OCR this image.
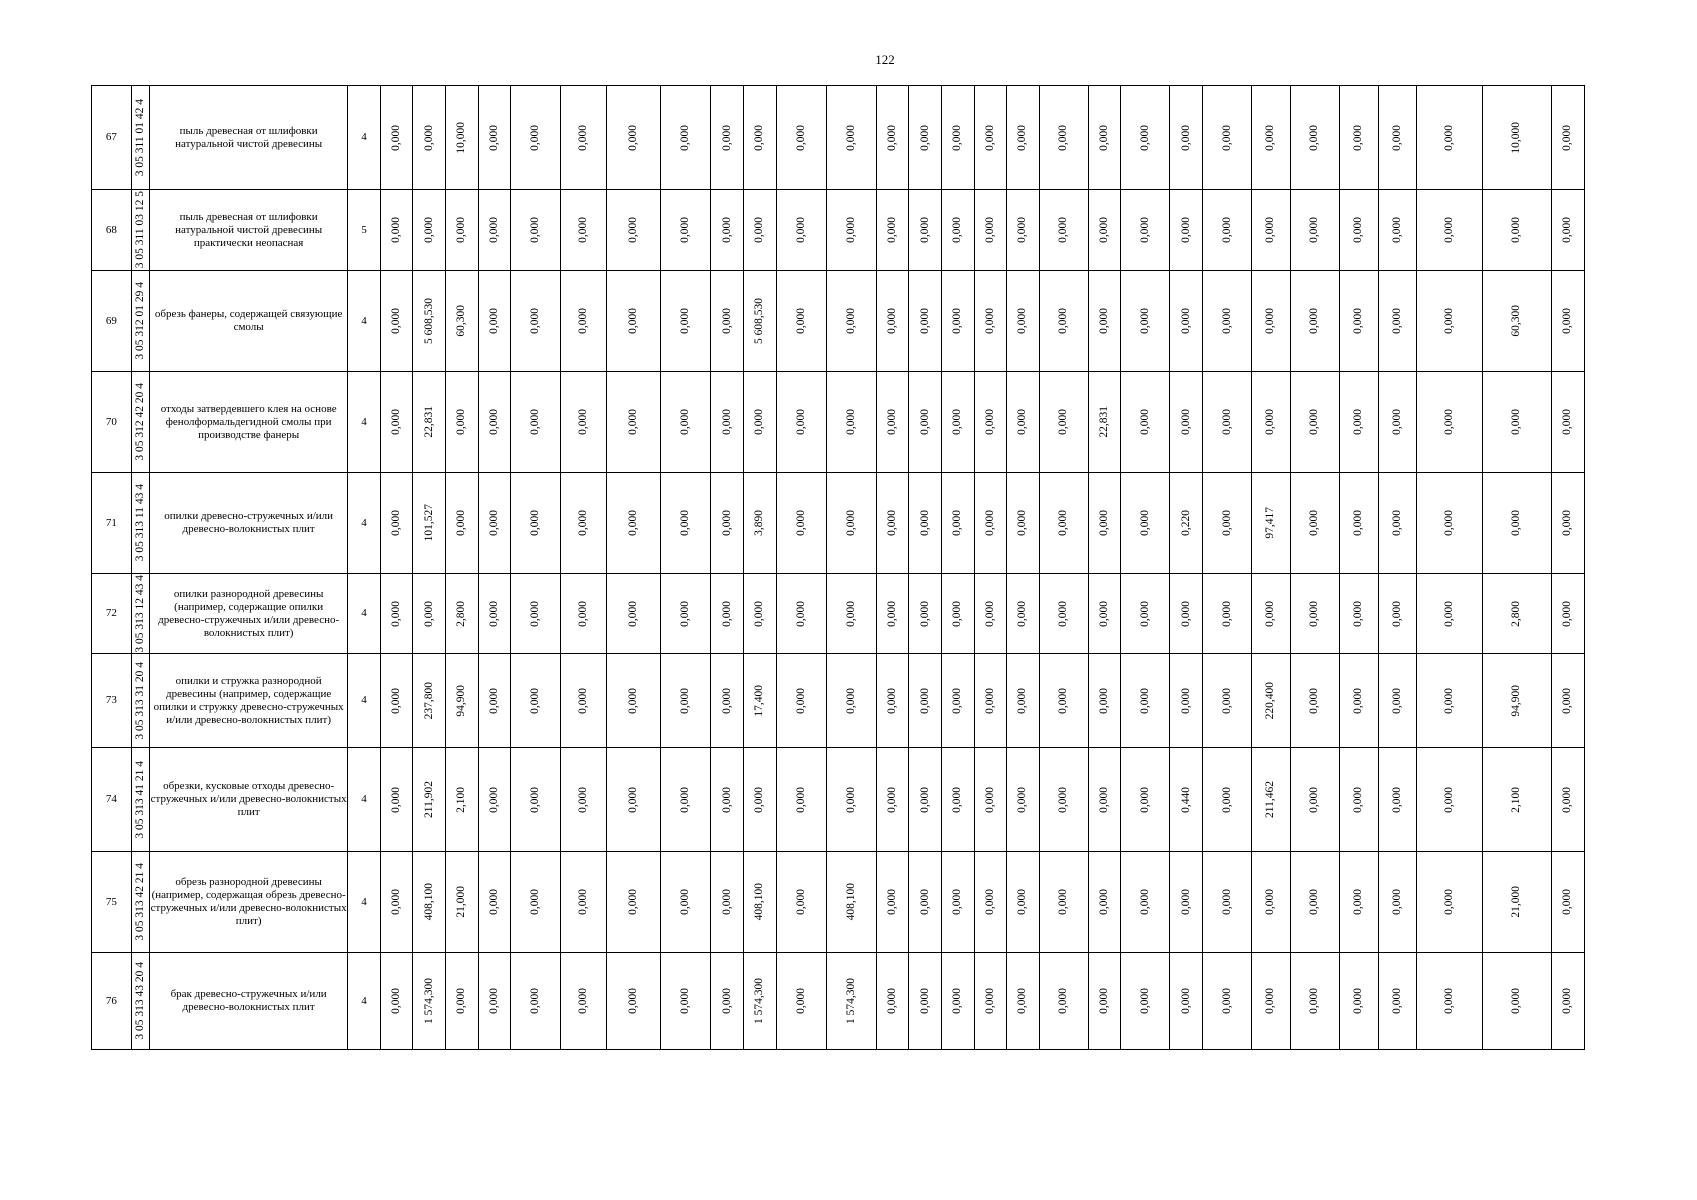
122
67	3 05 311 01 42 4	пыль древесная от шлифовки натуральной чистой древесины	4	0,000	0,000	10,000	0,000	0,000	0,000	0,000	0,000	0,000	0,000	0,000	0,000	0,000	0,000	0,000	0,000	0,000	0,000	0,000	0,000	0,000	0,000	0,000	0,000	0,000	0,000	0,000	10,000	0,000

68	3 05 311 03 12 5	пыль древесная от шлифовки натуральной чистой древесины практически неопасная	5	0,000	0,000	0,000	0,000	0,000	0,000	0,000	0,000	0,000	0,000	0,000	0,000	0,000	0,000	0,000	0,000	0,000	0,000	0,000	0,000	0,000	0,000	0,000	0,000	0,000	0,000	0,000	0,000	0,000

69	3 05 312 01 29 4	обрезь фанеры, содержащей связующие смолы	4	0,000	5 608,530	60,300	0,000	0,000	0,000	0,000	0,000	0,000	5 608,530	0,000	0,000	0,000	0,000	0,000	0,000	0,000	0,000	0,000	0,000	0,000	0,000	0,000	0,000	0,000	0,000	0,000	60,300	0,000

70	3 05 312 42 20 4	отходы затвердевшего клея на основе фенолформальдегидной смолы при производстве фанеры	4	0,000	22,831	0,000	0,000	0,000	0,000	0,000	0,000	0,000	0,000	0,000	0,000	0,000	0,000	0,000	0,000	0,000	0,000	22,831	0,000	0,000	0,000	0,000	0,000	0,000	0,000	0,000	0,000	0,000

71	3 05 313 11 43 4	опилки древесно-стружечных и/или древесно-волокнистых плит	4	0,000	101,527	0,000	0,000	0,000	0,000	0,000	0,000	0,000	3,890	0,000	0,000	0,000	0,000	0,000	0,000	0,000	0,000	0,000	0,000	0,220	0,000	97,417	0,000	0,000	0,000	0,000	0,000	0,000

72	3 05 313 12 43 4	опилки разнородной древесины (например, содержащие опилки древесно-стружечных и/или древесно-волокнистых плит)	4	0,000	0,000	2,800	0,000	0,000	0,000	0,000	0,000	0,000	0,000	0,000	0,000	0,000	0,000	0,000	0,000	0,000	0,000	0,000	0,000	0,000	0,000	0,000	0,000	0,000	0,000	0,000	2,800	0,000

73	3 05 313 31 20 4	опилки и стружка разнородной древесины (например, содержащие опилки и стружку древесно-стружечных и/или древесно-волокнистых плит)	4	0,000	237,800	94,900	0,000	0,000	0,000	0,000	0,000	0,000	17,400	0,000	0,000	0,000	0,000	0,000	0,000	0,000	0,000	0,000	0,000	0,000	0,000	220,400	0,000	0,000	0,000	0,000	94,900	0,000

74	3 05 313 41 21 4	обрезки, кусковые отходы древесно-стружечных и/или древесно-волокнистых плит	4	0,000	211,902	2,100	0,000	0,000	0,000	0,000	0,000	0,000	0,000	0,000	0,000	0,000	0,000	0,000	0,000	0,000	0,000	0,000	0,000	0,440	0,000	211,462	0,000	0,000	0,000	0,000	2,100	0,000

75	3 05 313 42 21 4	обрезь разнородной древесины (например, содержащая обрезь древесно-стружечных и/или древесно-волокнистых плит)	4	0,000	408,100	21,000	0,000	0,000	0,000	0,000	0,000	0,000	408,100	0,000	408,100	0,000	0,000	0,000	0,000	0,000	0,000	0,000	0,000	0,000	0,000	0,000	0,000	0,000	0,000	0,000	21,000	0,000

76	3 05 313 43 20 4	брак древесно-стружечных и/или древесно-волокнистых плит	4	0,000	1 574,300	0,000	0,000	0,000	0,000	0,000	0,000	0,000	1 574,300	0,000	1 574,300	0,000	0,000	0,000	0,000	0,000	0,000	0,000	0,000	0,000	0,000	0,000	0,000	0,000	0,000	0,000	0,000	0,000
